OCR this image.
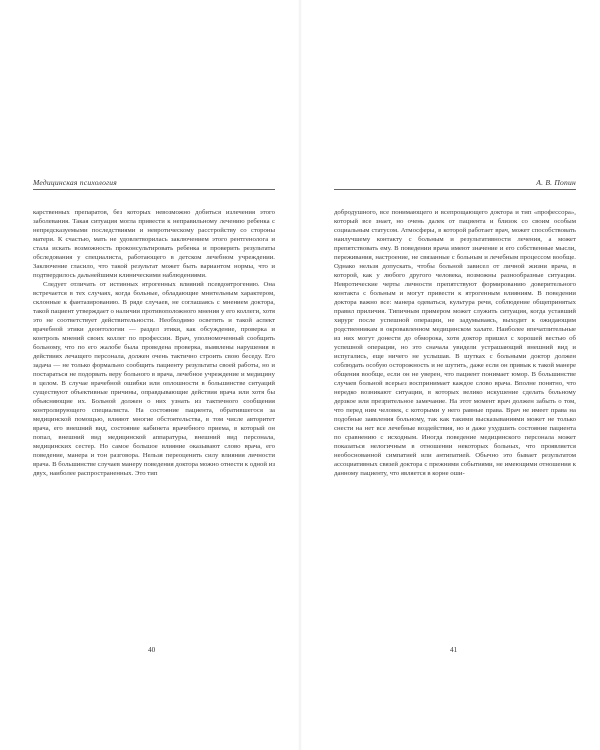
Медицинская психология

карственных препаратов, без которых невозможно добиться излечения этого заболевания. Такая ситуация могла привести к неправильному лечению ребенка с непредсказуемыми последствиями и невротическому расстройству со стороны матери. К счастью, мать не удовлетворилась заключением этого рентгенолога и стала искать возможность проконсультировать ребенка и проверить результаты обследования у специалиста, работающего в детском лечебном учреждении. Заключение гласило, что такой результат может быть вариантом нормы, что и подтвердилось дальнейшими клиническими наблюдениями.

Следует отличать от истинных ятрогенных влияний псевдоятрогению. Она встречается в тех случаях, когда больные, обладающие мнительным характером, склонные к фантазированию. В ряде случаев, не соглашаясь с мнением доктора, такой пациент утверждает о наличии противоположного мнения у его коллеги, хотя это не соответствует действительности. Необходимо осветить и такой аспект врачебной этики деонтологии — раздел этики, как обсуждение, проверка и контроль мнений своих коллег по профессии. Врач, уполномоченный сообщить больному, что по его жалобе была проведена проверка, выявлены нарушения в действиях лечащего персонала, должен очень тактично строить свою беседу. Его задача — не только формально сообщить пациенту результаты своей работы, но и постараться не подорвать веру больного в врача, лечебное учреждение и медицину в целом. В случае врачебной ошибки или оплошности в большинстве ситуаций существуют объективные причины, оправдывающие действия врача или хотя бы объясняющие их. Больной должен о них узнать из тактичного сообщения контролирующего специалиста. На состояние пациента, обратившегося за медицинской помощью, влияют многие обстоятельства, в том числе авторитет врача, его внешний вид, состояние кабинета врачебного приема, в который он попал, внешний вид медицинской аппаратуры, внешний вид персонала, медицинских сестер. Но самое большое влияние оказывают слово врача, его поведение, манера и тон разговора. Нельзя переоценить силу влияния личности врача. В большинстве случаев манеру поведения доктора можно отнести к одной из двух, наиболее распространенных. Это тип

40
А. В. Попин

добродушного, все понимающего и всепрощающего доктора и тип «профессора», который все знает, но очень далек от пациента и близок со своим особым социальным статусом. Атмосферы, в которой работает врач, может способствовать наилучшему контакту с больным и результативности лечения, а может препятствовать ему. В поведении врача имеют значение и его собственные мысли, переживания, настроение, не связанные с больным и лечебным процессом вообще. Однако нельзя допускать, чтобы больной зависел от личной жизни врача, в которой, как у любого другого человека, возможны разнообразные ситуации. Невротические черты личности препятствуют формированию доверительного контакта с больным и могут привести к ятрогенным влияниям. В поведении доктора важно все: манера одеваться, культура речи, соблюдение общепринятых правил приличия. Типичным примером может служить ситуация, когда уставший хирург после успешной операции, не задумываясь, выходит к ожидающим родственникам в окровавленном медицинском халате. Наиболее впечатлительные из них могут донести до обморока, хотя доктор пришел с хорошей вестью об успешной операции, но это сначала увидели устрашающий внешний вид и испугались, еще ничего не услышав. В шутках с больными доктор должен соблюдать особую осторожность и не шутить, даже если он привык к такой манере общения вообще, если он не уверен, что пациент понимает юмор. В большинстве случаев больной всерьез воспринимает каждое слово врача. Вполне понятно, что нередко возникают ситуации, в которых велико искушение сделать больному дерзкое или презрительное замечание. На этот момент врач должен забыть о том, что перед ним человек, с которыми у него равные права. Врач не имеет права на подобные заявления больному, так как такими высказываниями может не только снести на нет все лечебные воздействия, но и даже ухудшить состояние пациента по сравнению с исходным. Иногда поведение медицинского персонала может показаться нелогичным в отношении некоторых больных, что проявляется необоснованной симпатией или антипатией. Обычно это бывает результатом ассоциативных связей доктора с прежними событиями, не имеющими отношения к данному пациенту, что является в корне оши-

41
